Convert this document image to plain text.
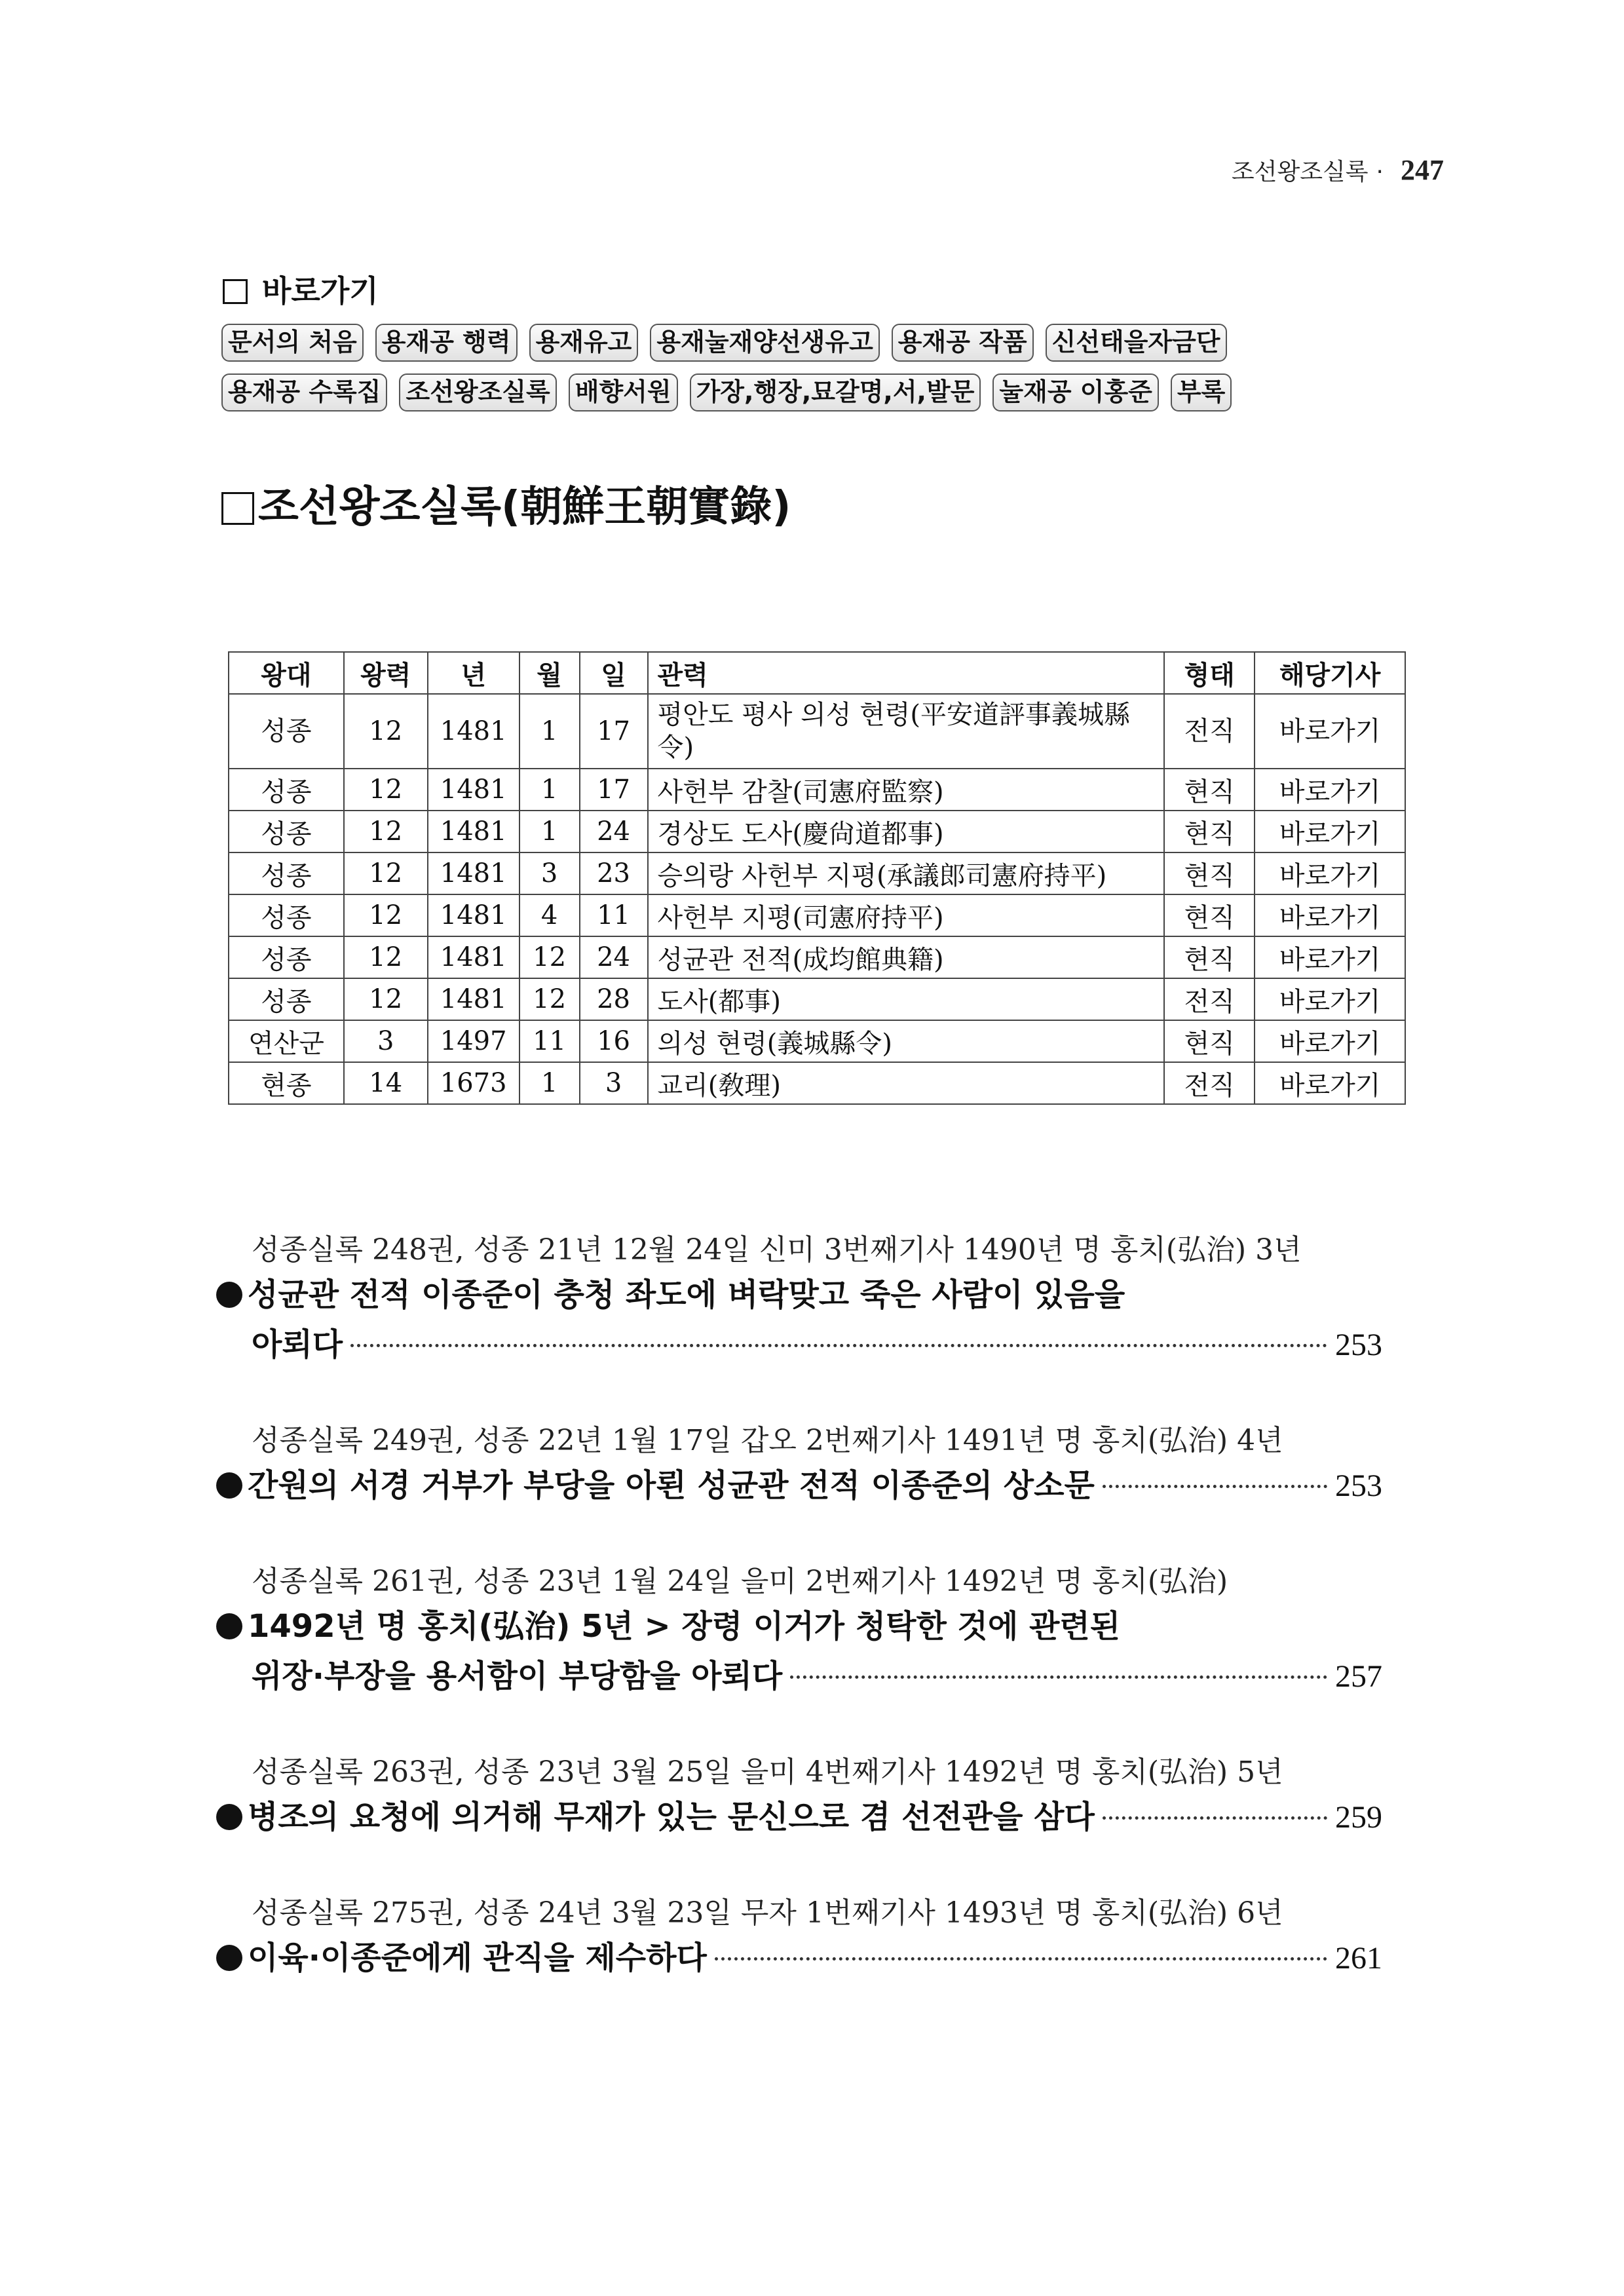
조선왕조실록 · 247
바로가기
문서의 처음 용재공 행력 용재유고 용재눌재양선생유고 용재공 작품 신선태을자금단
용재공 수록집 조선왕조실록 배향서원 가장,행장,묘갈명,서,발문 눌재공 이홍준 부록
조선왕조실록(朝鮮王朝實錄)
왕대	왕력	년	월	일	관력	형태	해당기사
성종	12	1481	1	17	평안도 평사 의성 현령(平安道評事義城縣令)	전직	바로가기
성종	12	1481	1	17	사헌부 감찰(司憲府監察)	현직	바로가기
성종	12	1481	1	24	경상도 도사(慶尙道都事)	현직	바로가기
성종	12	1481	3	23	승의랑 사헌부 지평(承議郎司憲府持平)	현직	바로가기
성종	12	1481	4	11	사헌부 지평(司憲府持平)	현직	바로가기
성종	12	1481	12	24	성균관 전적(成均館典籍)	현직	바로가기
성종	12	1481	12	28	도사(都事)	전직	바로가기
연산군	3	1497	11	16	의성 현령(義城縣令)	현직	바로가기
현종	14	1673	1	3	교리(敎理)	전직	바로가기
성종실록 248권, 성종 21년 12월 24일 신미 3번째기사 1490년 명 홍치(弘治) 3년
성균관 전적 이종준이 충청 좌도에 벼락맞고 죽은 사람이 있음을
아뢰다	253
성종실록 249권, 성종 22년 1월 17일 갑오 2번째기사 1491년 명 홍치(弘治) 4년
간원의 서경 거부가 부당을 아뢴 성균관 전적 이종준의 상소문	253
성종실록 261권, 성종 23년 1월 24일 을미 2번째기사 1492년 명 홍치(弘治)
1492년 명 홍치(弘治) 5년 > 장령 이거가 청탁한 것에 관련된
위장·부장을 용서함이 부당함을 아뢰다	257
성종실록 263권, 성종 23년 3월 25일 을미 4번째기사 1492년 명 홍치(弘治) 5년
병조의 요청에 의거해 무재가 있는 문신으로 겸 선전관을 삼다	259
성종실록 275권, 성종 24년 3월 23일 무자 1번째기사 1493년 명 홍치(弘治) 6년
이육·이종준에게 관직을 제수하다	261
